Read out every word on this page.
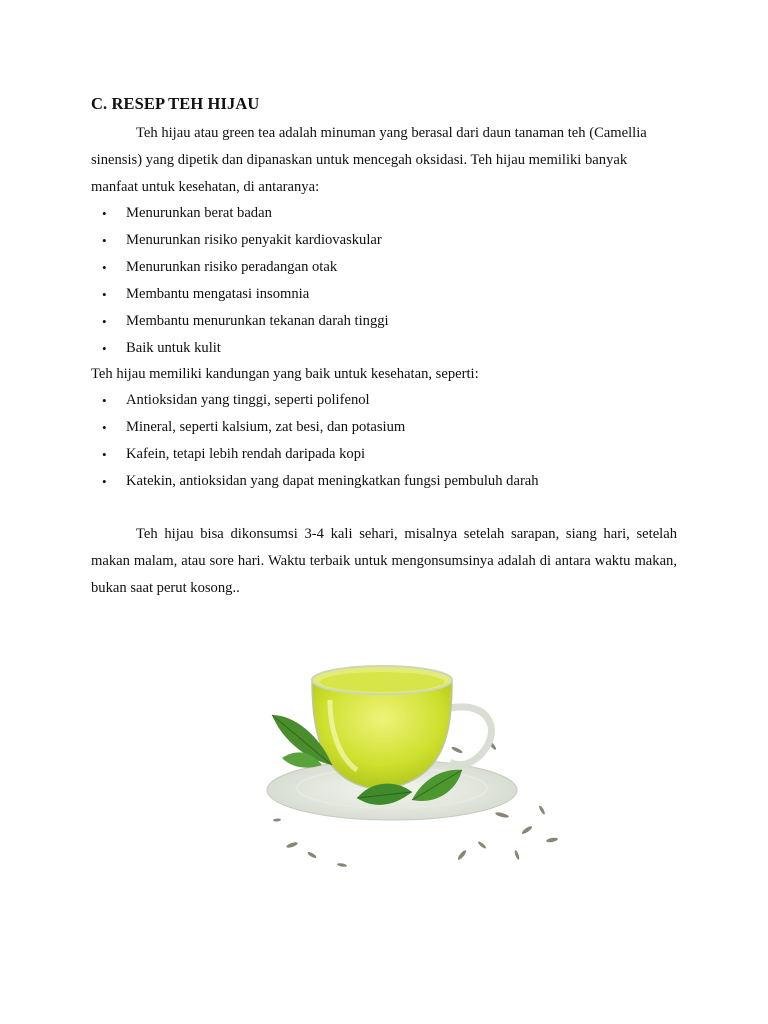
C. RESEP TEH HIJAU
Teh hijau atau green tea adalah minuman yang berasal dari daun tanaman teh (Camellia sinensis) yang dipetik dan dipanaskan untuk mencegah oksidasi. Teh hijau memiliki banyak manfaat untuk kesehatan, di antaranya:
• Menurunkan berat badan
• Menurunkan risiko penyakit kardiovaskular
• Menurunkan risiko peradangan otak
• Membantu mengatasi insomnia
• Membantu menurunkan tekanan darah tinggi
• Baik untuk kulit
Teh hijau memiliki kandungan yang baik untuk kesehatan, seperti:
• Antioksidan yang tinggi, seperti polifenol
• Mineral, seperti kalsium, zat besi, dan potasium
• Kafein, tetapi lebih rendah daripada kopi
• Katekin, antioksidan yang dapat meningkatkan fungsi pembuluh darah
Teh hijau bisa dikonsumsi 3-4 kali sehari, misalnya setelah sarapan, siang hari, setelah makan malam, atau sore hari. Waktu terbaik untuk mengonsumsinya adalah di antara waktu makan, bukan saat perut kosong..
